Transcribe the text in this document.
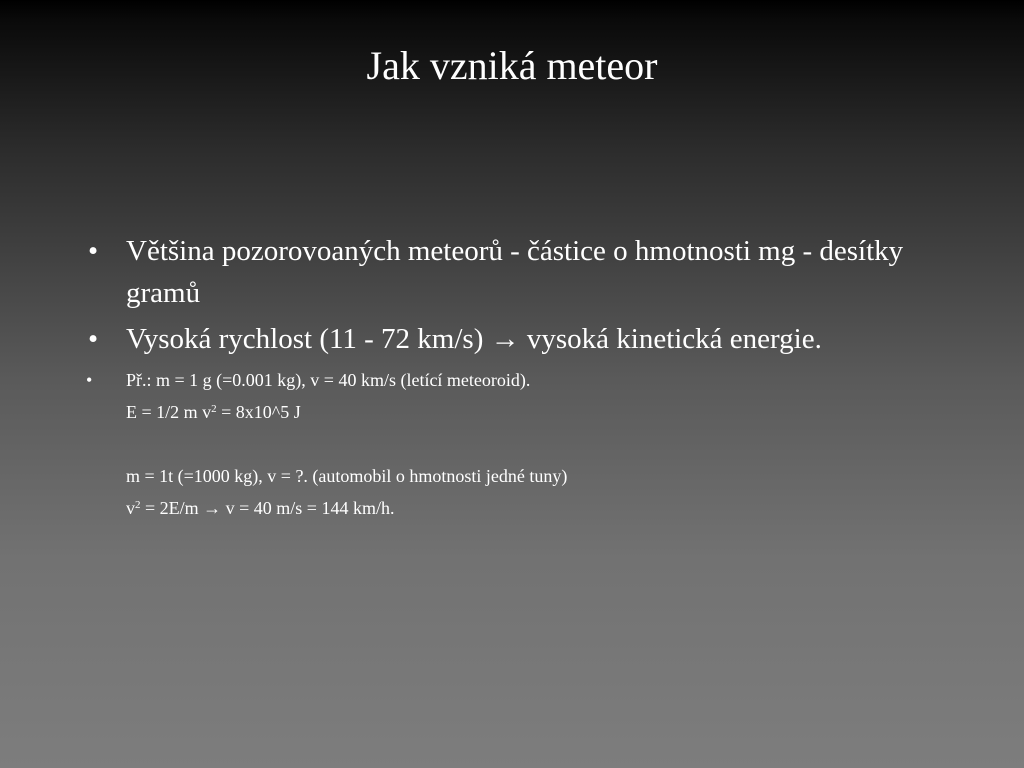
Jak vzniká meteor
• Většina pozorovoaných meteorů - částice o hmotnosti mg - desítky gramů
• Vysoká rychlost (11 - 72 km/s) → vysoká kinetická energie.
• Př.: m = 1 g (=0.001 kg), v = 40 km/s (letící meteoroid).
E = 1/2 m $v^2$ = 8x10^5 J
m = 1t (=1000 kg), v = ?. (automobil o hmotnosti jedné tuny)
$v^2 = 2E/m \to v = 40$ m/s = 144 km/h.
